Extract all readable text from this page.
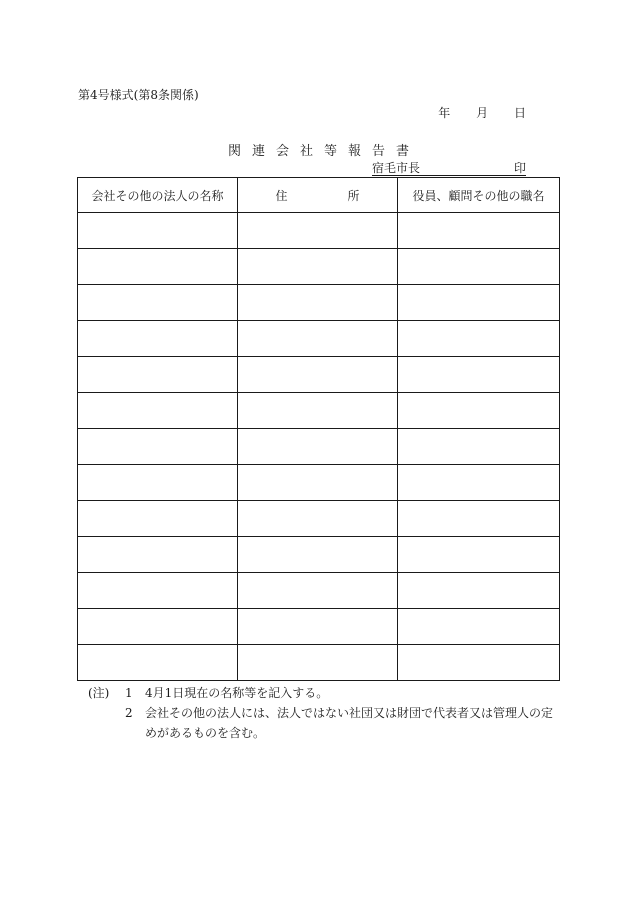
第4号様式(第8条関係)
年 月 日
関連会社等報告書
宿毛市長	印
会社その他の法人の名称	住　　　　　所	役員、顧問その他の職名

(注)	1	4月1日現在の名称等を記入する。
2	会社その他の法人には、法人ではない社団又は財団で代表者又は管理人の定めがあるものを含む。
